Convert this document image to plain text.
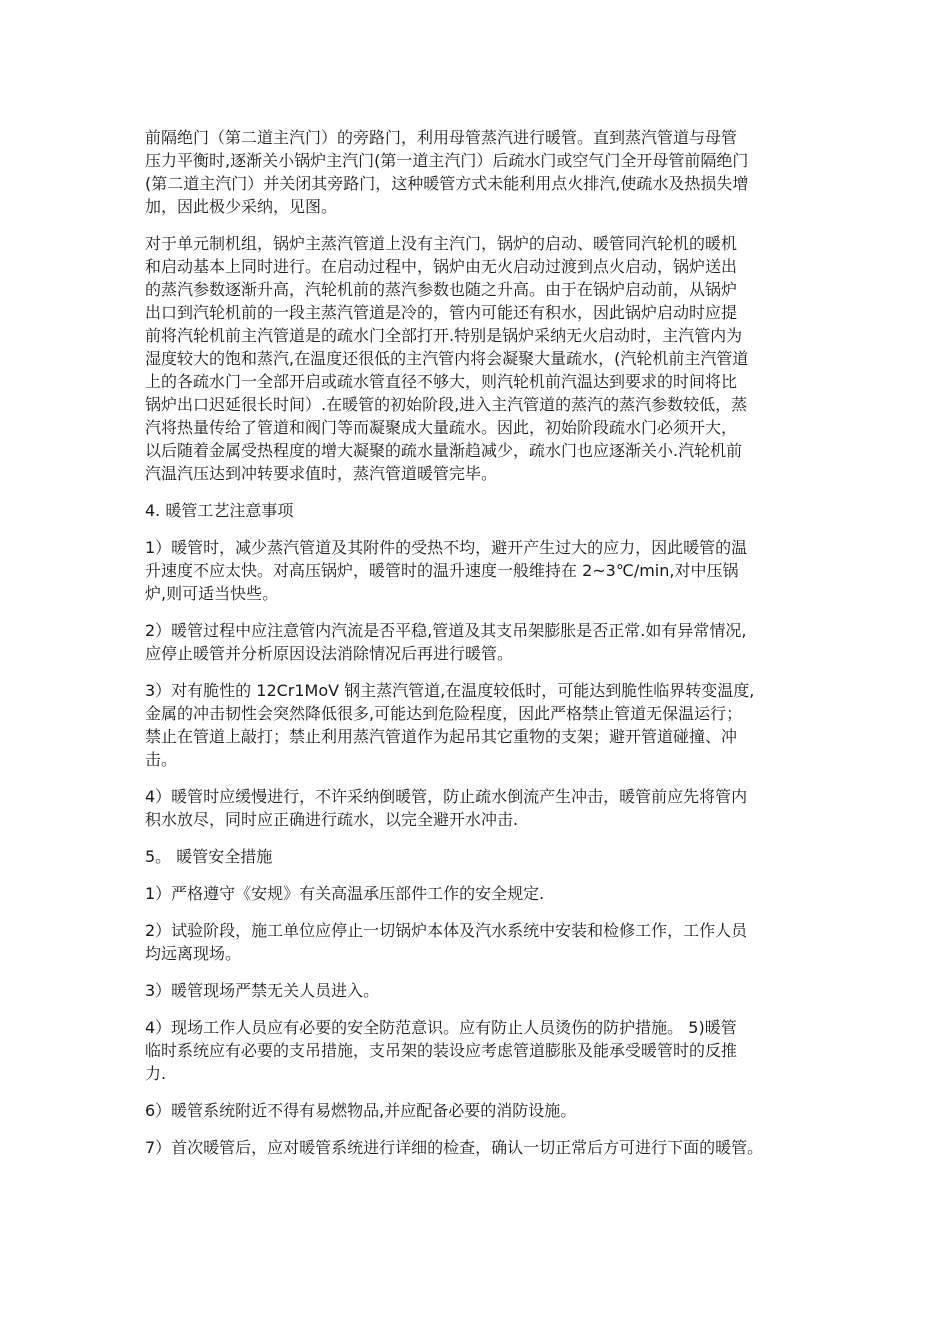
前隔绝门（第二道主汽门）的旁路门，利用母管蒸汽进行暖管。直到蒸汽管道与母管
压力平衡时,逐渐关小锅炉主汽门(第一道主汽门）后疏水门或空气门全开母管前隔绝门
(第二道主汽门）并关闭其旁路门，这种暖管方式未能利用点火排汽,使疏水及热损失增
加，因此极少采纳，见图。

对于单元制机组，锅炉主蒸汽管道上没有主汽门，锅炉的启动、暖管同汽轮机的暖机
和启动基本上同时进行。在启动过程中，锅炉由无火启动过渡到点火启动，锅炉送出
的蒸汽参数逐渐升高，汽轮机前的蒸汽参数也随之升高。由于在锅炉启动前，从锅炉
出口到汽轮机前的一段主蒸汽管道是冷的，管内可能还有积水，因此锅炉启动时应提
前将汽轮机前主汽管道是的疏水门全部打开.特别是锅炉采纳无火启动时，主汽管内为
湿度较大的饱和蒸汽,在温度还很低的主汽管内将会凝聚大量疏水，(汽轮机前主汽管道
上的各疏水门一全部开启或疏水管直径不够大，则汽轮机前汽温达到要求的时间将比
锅炉出口迟延很长时间）.在暖管的初始阶段,进入主汽管道的蒸汽的蒸汽参数较低，蒸
汽将热量传给了管道和阀门等而凝聚成大量疏水。因此，初始阶段疏水门必须开大，
以后随着金属受热程度的增大凝聚的疏水量渐趋减少，疏水门也应逐渐关小.汽轮机前
汽温汽压达到冲转要求值时，蒸汽管道暖管完毕。

4. 暖管工艺注意事项

1）暖管时，减少蒸汽管道及其附件的受热不均，避开产生过大的应力，因此暖管的温
升速度不应太快。对高压锅炉，暖管时的温升速度一般维持在 2~3℃/min,对中压锅
炉,则可适当快些。

2）暖管过程中应注意管内汽流是否平稳,管道及其支吊架膨胀是否正常.如有异常情况,
应停止暖管并分析原因设法消除情况后再进行暖管。

3）对有脆性的 12Cr1MoV 钢主蒸汽管道,在温度较低时，可能达到脆性临界转变温度,
金属的冲击韧性会突然降低很多,可能达到危险程度，因此严格禁止管道无保温运行；
禁止在管道上敲打；禁止利用蒸汽管道作为起吊其它重物的支架；避开管道碰撞、冲
击。

4）暖管时应缓慢进行，不许采纳倒暖管，防止疏水倒流产生冲击，暖管前应先将管内
积水放尽，同时应正确进行疏水，以完全避开水冲击.

5。 暖管安全措施

1）严格遵守《安规》有关高温承压部件工作的安全规定.

2）试验阶段，施工单位应停止一切锅炉本体及汽水系统中安装和检修工作，工作人员
均远离现场。

3）暖管现场严禁无关人员进入。

4）现场工作人员应有必要的安全防范意识。应有防止人员烫伤的防护措施。 5)暖管
临时系统应有必要的支吊措施，支吊架的装设应考虑管道膨胀及能承受暖管时的反推
力.

6）暖管系统附近不得有易燃物品,并应配备必要的消防设施。

7）首次暖管后，应对暖管系统进行详细的检查，确认一切正常后方可进行下面的暖管。
